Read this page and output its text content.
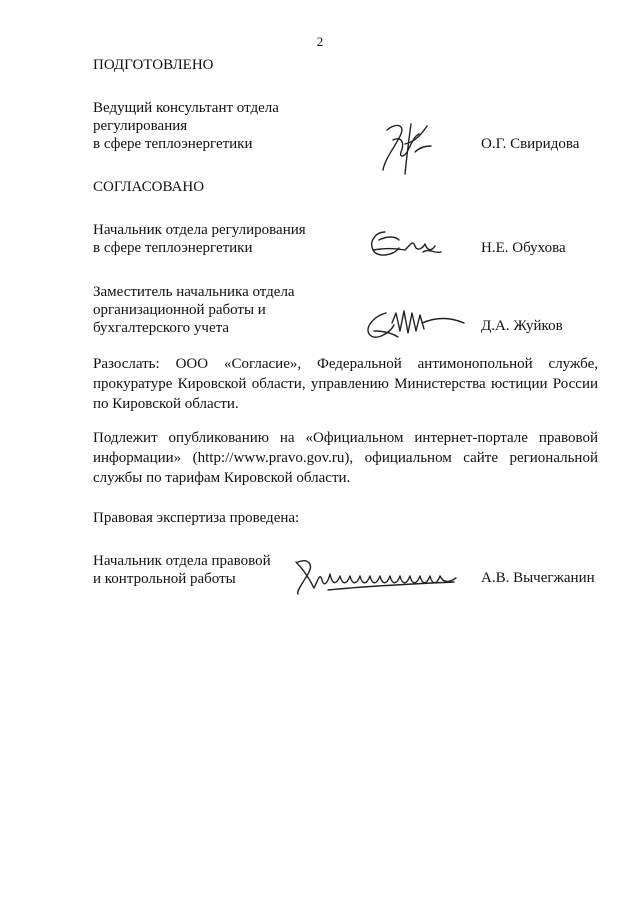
2
ПОДГОТОВЛЕНО
Ведущий консультант отдела
регулирования
в сфере теплоэнергетики	О.Г. Свиридова
СОГЛАСОВАНО
Начальник отдела регулирования
в сфере теплоэнергетики	Н.Е. Обухова
Заместитель начальника отдела
организационной работы и
бухгалтерского учета	Д.А. Жуйков
Разослать: ООО «Согласие», Федеральной антимонопольной службе, прокуратуре Кировской области, управлению Министерства юстиции России по Кировской области.
Подлежит опубликованию на «Официальном интернет-портале правовой информации» (http://www.pravo.gov.ru), официальном сайте региональной службы по тарифам Кировской области.
Правовая экспертиза проведена:
Начальник отдела правовой
и контрольной работы	А.В. Вычегжанин
